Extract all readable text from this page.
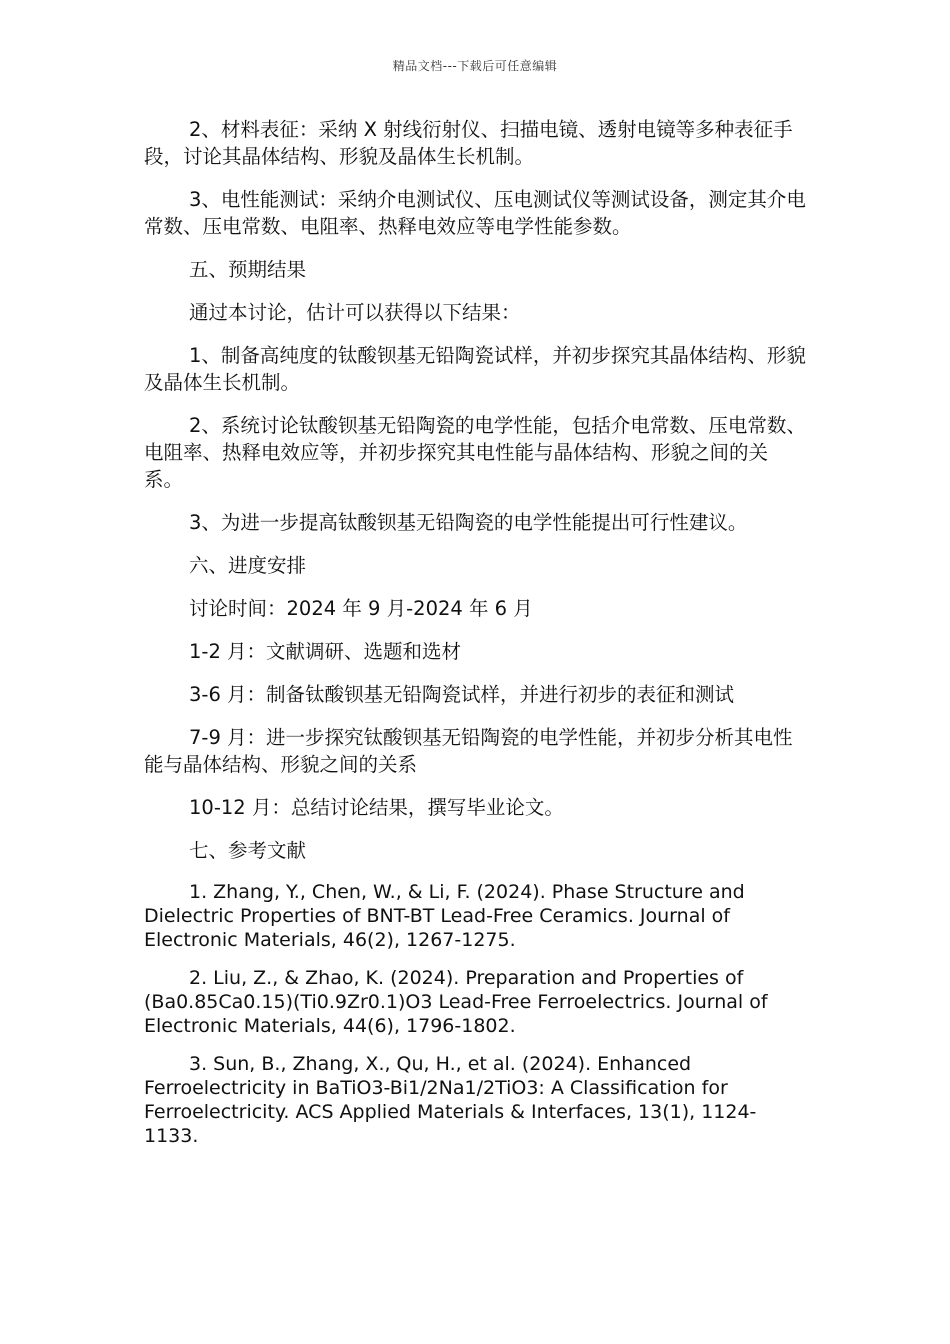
精品文档---下载后可任意编辑

2、材料表征：采纳 X 射线衍射仪、扫描电镜、透射电镜等多种表征手段，讨论其晶体结构、形貌及晶体生长机制。

3、电性能测试：采纳介电测试仪、压电测试仪等测试设备，测定其介电常数、压电常数、电阻率、热释电效应等电学性能参数。

五、预期结果

通过本讨论，估计可以获得以下结果：

1、制备高纯度的钛酸钡基无铅陶瓷试样，并初步探究其晶体结构、形貌及晶体生长机制。

2、系统讨论钛酸钡基无铅陶瓷的电学性能，包括介电常数、压电常数、电阻率、热释电效应等，并初步探究其电性能与晶体结构、形貌之间的关系。

3、为进一步提高钛酸钡基无铅陶瓷的电学性能提出可行性建议。

六、进度安排

讨论时间：2024 年 9 月-2024 年 6 月

1-2 月：文献调研、选题和选材

3-6 月：制备钛酸钡基无铅陶瓷试样，并进行初步的表征和测试

7-9 月：进一步探究钛酸钡基无铅陶瓷的电学性能，并初步分析其电性能与晶体结构、形貌之间的关系

10-12 月：总结讨论结果，撰写毕业论文。

七、参考文献

1. Zhang, Y., Chen, W., & Li, F. (2024). Phase Structure and Dielectric Properties of BNT-BT Lead-Free Ceramics. Journal of Electronic Materials, 46(2), 1267-1275.

2. Liu, Z., & Zhao, K. (2024). Preparation and Properties of (Ba0.85Ca0.15)(Ti0.9Zr0.1)O3 Lead-Free Ferroelectrics. Journal of Electronic Materials, 44(6), 1796-1802.

3. Sun, B., Zhang, X., Qu, H., et al. (2024). Enhanced Ferroelectricity in BaTiO3-Bi1/2Na1/2TiO3: A Classification for Ferroelectricity. ACS Applied Materials & Interfaces, 13(1), 1124-1133.
